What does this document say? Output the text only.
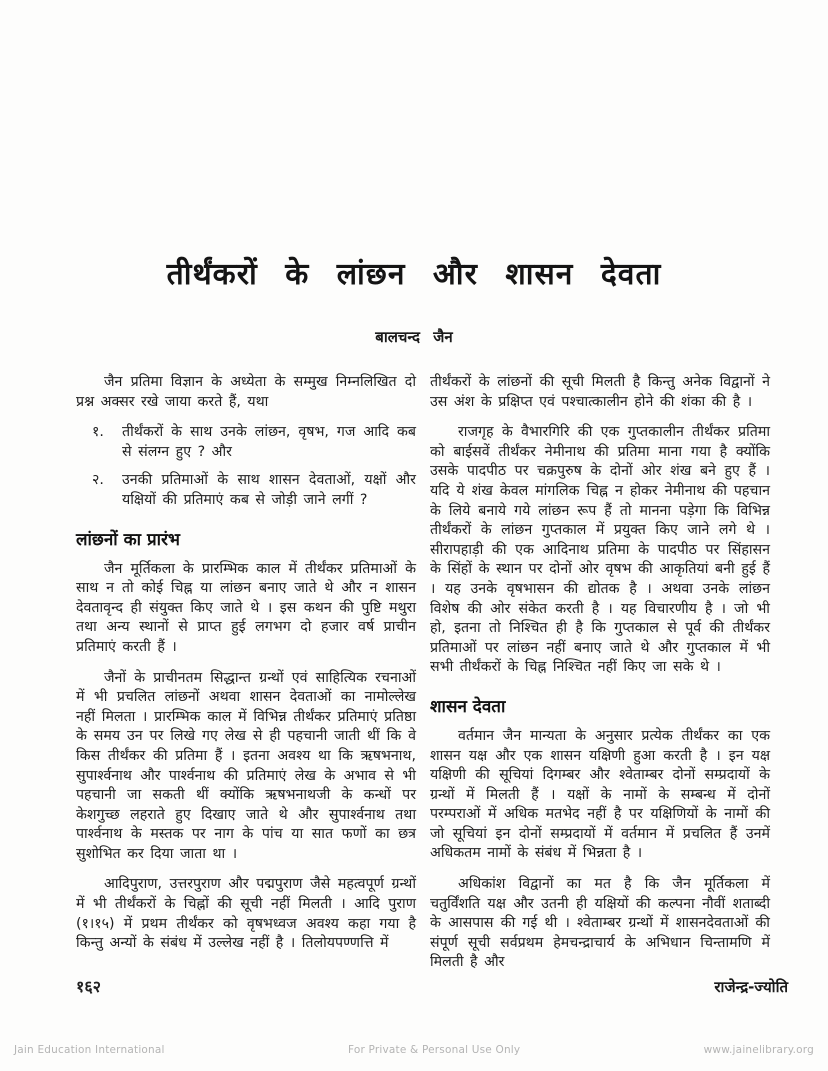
तीर्थंकरों के लांछन और शासन देवता
बालचन्द जैन

जैन प्रतिमा विज्ञान के अध्येता के सम्मुख निम्नलिखित दो प्रश्न अक्सर रखे जाया करते हैं, यथा

१.	तीर्थंकरों के साथ उनके लांछन, वृषभ, गज आदि कब से संलग्न हुए ? और
२.	उनकी प्रतिमाओं के साथ शासन देवताओं, यक्षों और यक्षियों की प्रतिमाएं कब से जोड़ी जाने लगीं ?
लांछनों का प्रारंभ

जैन मूर्तिकला के प्रारम्भिक काल में तीर्थंकर प्रतिमाओं के साथ न तो कोई चिह्न या लांछन बनाए जाते थे और न शासन देवतावृन्द ही संयुक्त किए जाते थे । इस कथन की पुष्टि मथुरा तथा अन्य स्थानों से प्राप्त हुई लगभग दो हजार वर्ष प्राचीन प्रतिमाएं करती हैं ।

जैनों के प्राचीनतम सिद्धान्त ग्रन्थों एवं साहित्यिक रचनाओं में भी प्रचलित लांछनों अथवा शासन देवताओं का नामोल्लेख नहीं मिलता । प्रारम्भिक काल में विभिन्न तीर्थंकर प्रतिमाएं प्रतिष्ठा के समय उन पर लिखे गए लेख से ही पहचानी जाती थीं कि वे किस तीर्थंकर की प्रतिमा हैं । इतना अवश्य था कि ऋषभनाथ, सुपार्श्वनाथ और पार्श्वनाथ की प्रतिमाएं लेख के अभाव से भी पहचानी जा सकती थीं क्योंकि ऋषभनाथजी के कन्धों पर केशगुच्छ लहराते हुए दिखाए जाते थे और सुपार्श्वनाथ तथा पार्श्वनाथ के मस्तक पर नाग के पांच या सात फणों का छत्र सुशोभित कर दिया जाता था ।

आदिपुराण, उत्तरपुराण और पद्मपुराण जैसे महत्वपूर्ण ग्रन्थों में भी तीर्थंकरों के चिह्नों की सूची नहीं मिलती । आदि पुराण (१।१५) में प्रथम तीर्थंकर को वृषभध्वज अवश्य कहा गया है किन्तु अन्यों के संबंध में उल्लेख नहीं है । तिलोयपण्णत्ति में

तीर्थंकरों के लांछनों की सूची मिलती है किन्तु अनेक विद्वानों ने उस अंश के प्रक्षिप्त एवं पश्चात्कालीन होने की शंका की है ।

राजगृह के वैभारगिरि की एक गुप्तकालीन तीर्थंकर प्रतिमा को बाईसवें तीर्थंकर नेमीनाथ की प्रतिमा माना गया है क्योंकि उसके पादपीठ पर चक्रपुरुष के दोनों ओर शंख बने हुए हैं । यदि ये शंख केवल मांगलिक चिह्न न होकर नेमीनाथ की पहचान के लिये बनाये गये लांछन रूप हैं तो मानना पड़ेगा कि विभिन्न तीर्थंकरों के लांछन गुप्तकाल में प्रयुक्त किए जाने लगे थे । सीरापहाड़ी की एक आदिनाथ प्रतिमा के पादपीठ पर सिंहासन के सिंहों के स्थान पर दोनों ओर वृषभ की आकृतियां बनी हुई हैं । यह उनके वृषभासन की द्योतक है । अथवा उनके लांछन विशेष की ओर संकेत करती है । यह विचारणीय है । जो भी हो, इतना तो निश्चित ही है कि गुप्तकाल से पूर्व की तीर्थंकर प्रतिमाओं पर लांछन नहीं बनाए जाते थे और गुप्तकाल में भी सभी तीर्थंकरों के चिह्न निश्चित नहीं किए जा सके थे ।

शासन देवता

वर्तमान जैन मान्यता के अनुसार प्रत्येक तीर्थंकर का एक शासन यक्ष और एक शासन यक्षिणी हुआ करती है । इन यक्ष यक्षिणी की सूचियां दिगम्बर और श्वेताम्बर दोनों सम्प्रदायों के ग्रन्थों में मिलती हैं । यक्षों के नामों के सम्बन्ध में दोनों परम्पराओं में अधिक मतभेद नहीं है पर यक्षिणियों के नामों की जो सूचियां इन दोनों सम्प्रदायों में वर्तमान में प्रचलित हैं उनमें अधिकतम नामों के संबंध में भिन्नता है ।

अधिकांश विद्वानों का मत है कि जैन मूर्तिकला में चतुर्विंशति यक्ष और उतनी ही यक्षियों की कल्पना नौवीं शताब्दी के आसपास की गई थी । श्वेताम्बर ग्रन्थों में शासनदेवताओं की संपूर्ण सूची सर्वप्रथम हेमचन्द्राचार्य के अभिधान चिन्तामणि में मिलती है और

१६२	राजेन्द्र-ज्योति
Jain Education International	For Private & Personal Use Only	www.jainelibrary.org
